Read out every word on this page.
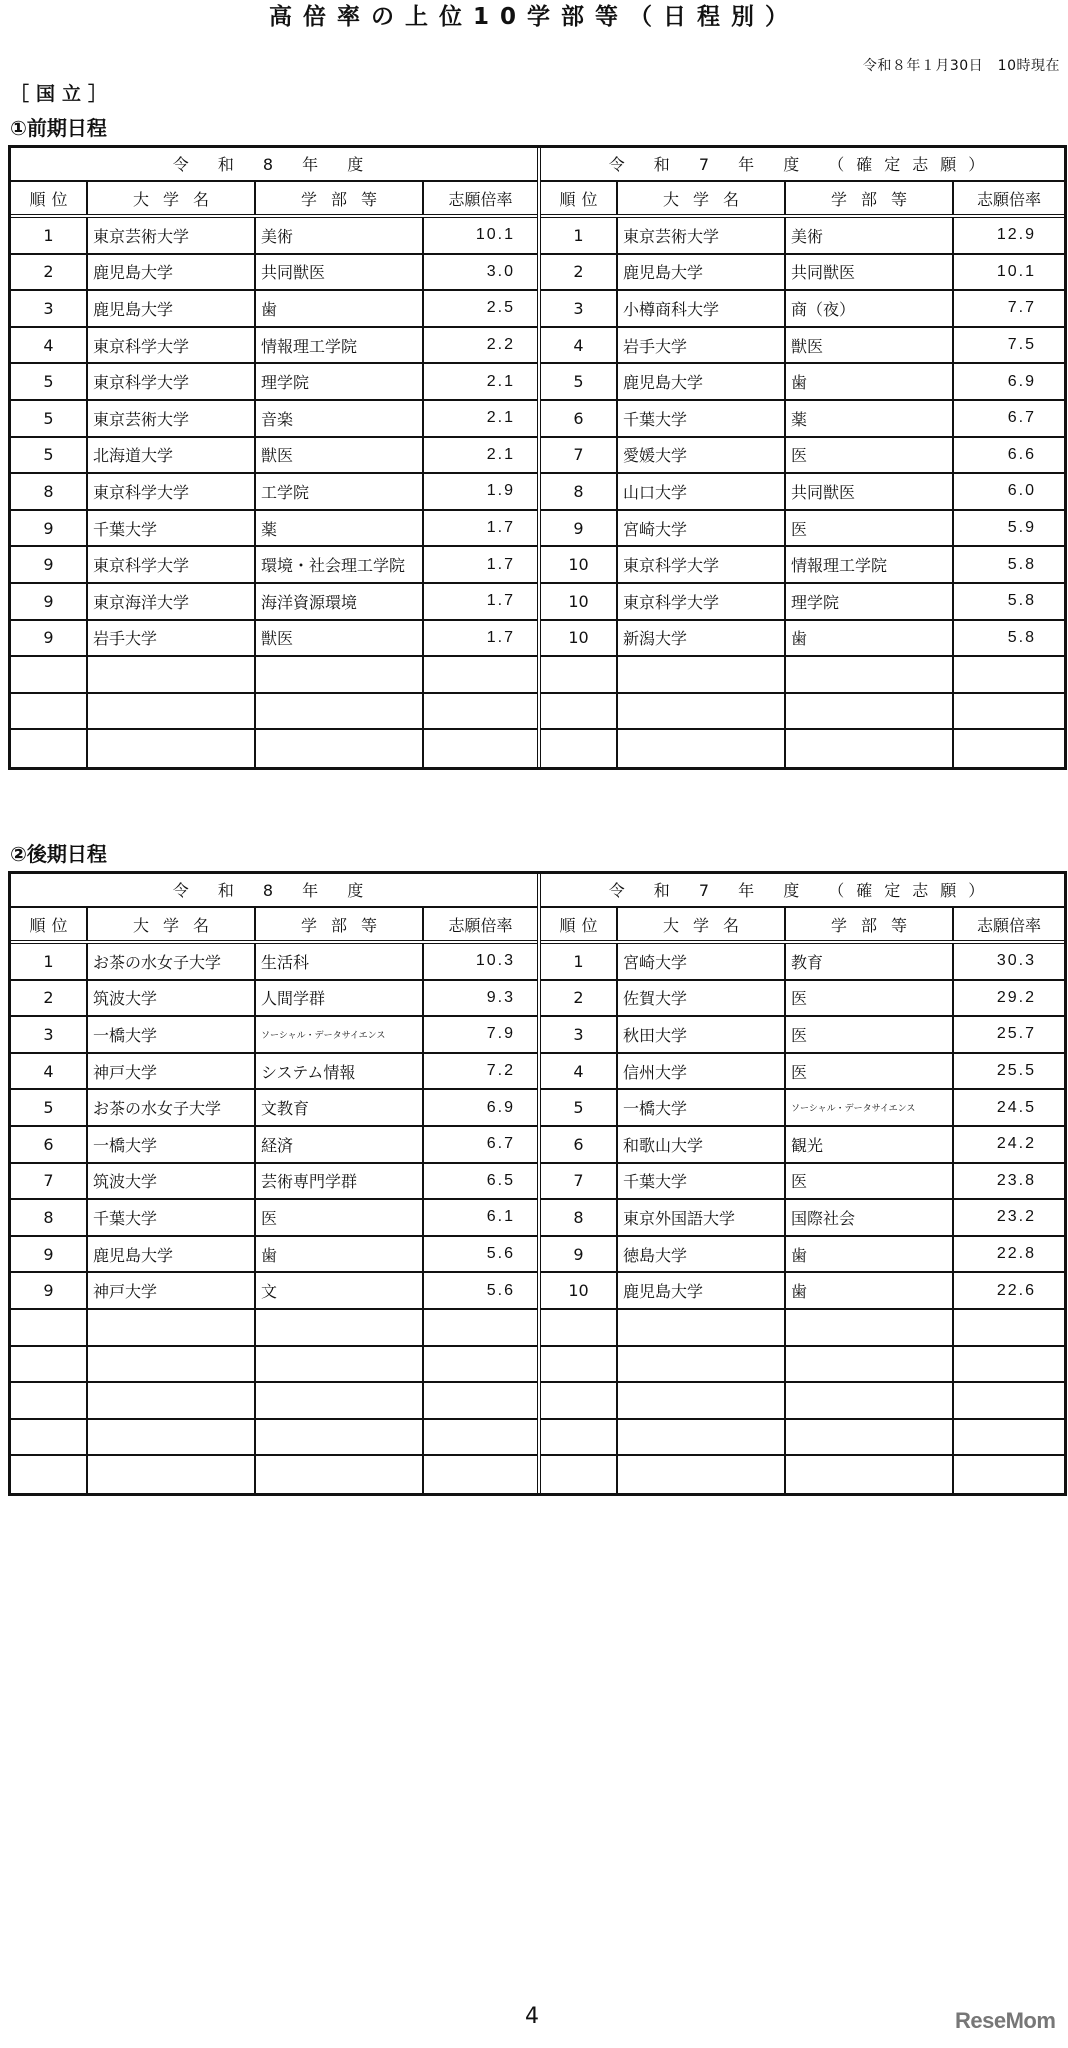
高倍率の上位10学部等（日程別）
令和８年１月30日　10時現在
［国立］
①前期日程
令 和 8 年 度
順位	大学名	学部等	志願倍率
1	東京芸術大学	美術	10.1
2	鹿児島大学	共同獣医	3.0
3	鹿児島大学	歯	2.5
4	東京科学大学	情報理工学院	2.2
5	東京科学大学	理学院	2.1
5	東京芸術大学	音楽	2.1
5	北海道大学	獣医	2.1
8	東京科学大学	工学院	1.9
9	千葉大学	薬	1.7
9	東京科学大学	環境・社会理工学院	1.7
9	東京海洋大学	海洋資源環境	1.7
9	岩手大学	獣医	1.7
令 和 7 年 度 （確定志願）
順位	大学名	学部等	志願倍率
1	東京芸術大学	美術	12.9
2	鹿児島大学	共同獣医	10.1
3	小樽商科大学	商（夜）	7.7
4	岩手大学	獣医	7.5
5	鹿児島大学	歯	6.9
6	千葉大学	薬	6.7
7	愛媛大学	医	6.6
8	山口大学	共同獣医	6.0
9	宮崎大学	医	5.9
10	東京科学大学	情報理工学院	5.8
10	東京科学大学	理学院	5.8
10	新潟大学	歯	5.8
②後期日程
令 和 8 年 度
順位	大学名	学部等	志願倍率
1	お茶の水女子大学	生活科	10.3
2	筑波大学	人間学群	9.3
3	一橋大学	ソーシャル・データサイエンス	7.9
4	神戸大学	システム情報	7.2
5	お茶の水女子大学	文教育	6.9
6	一橋大学	経済	6.7
7	筑波大学	芸術専門学群	6.5
8	千葉大学	医	6.1
9	鹿児島大学	歯	5.6
9	神戸大学	文	5.6
令 和 7 年 度 （確定志願）
順位	大学名	学部等	志願倍率
1	宮崎大学	教育	30.3
2	佐賀大学	医	29.2
3	秋田大学	医	25.7
4	信州大学	医	25.5
5	一橋大学	ソーシャル・データサイエンス	24.5
6	和歌山大学	観光	24.2
7	千葉大学	医	23.8
8	東京外国語大学	国際社会	23.2
9	徳島大学	歯	22.8
10	鹿児島大学	歯	22.6
4	ReseMom
